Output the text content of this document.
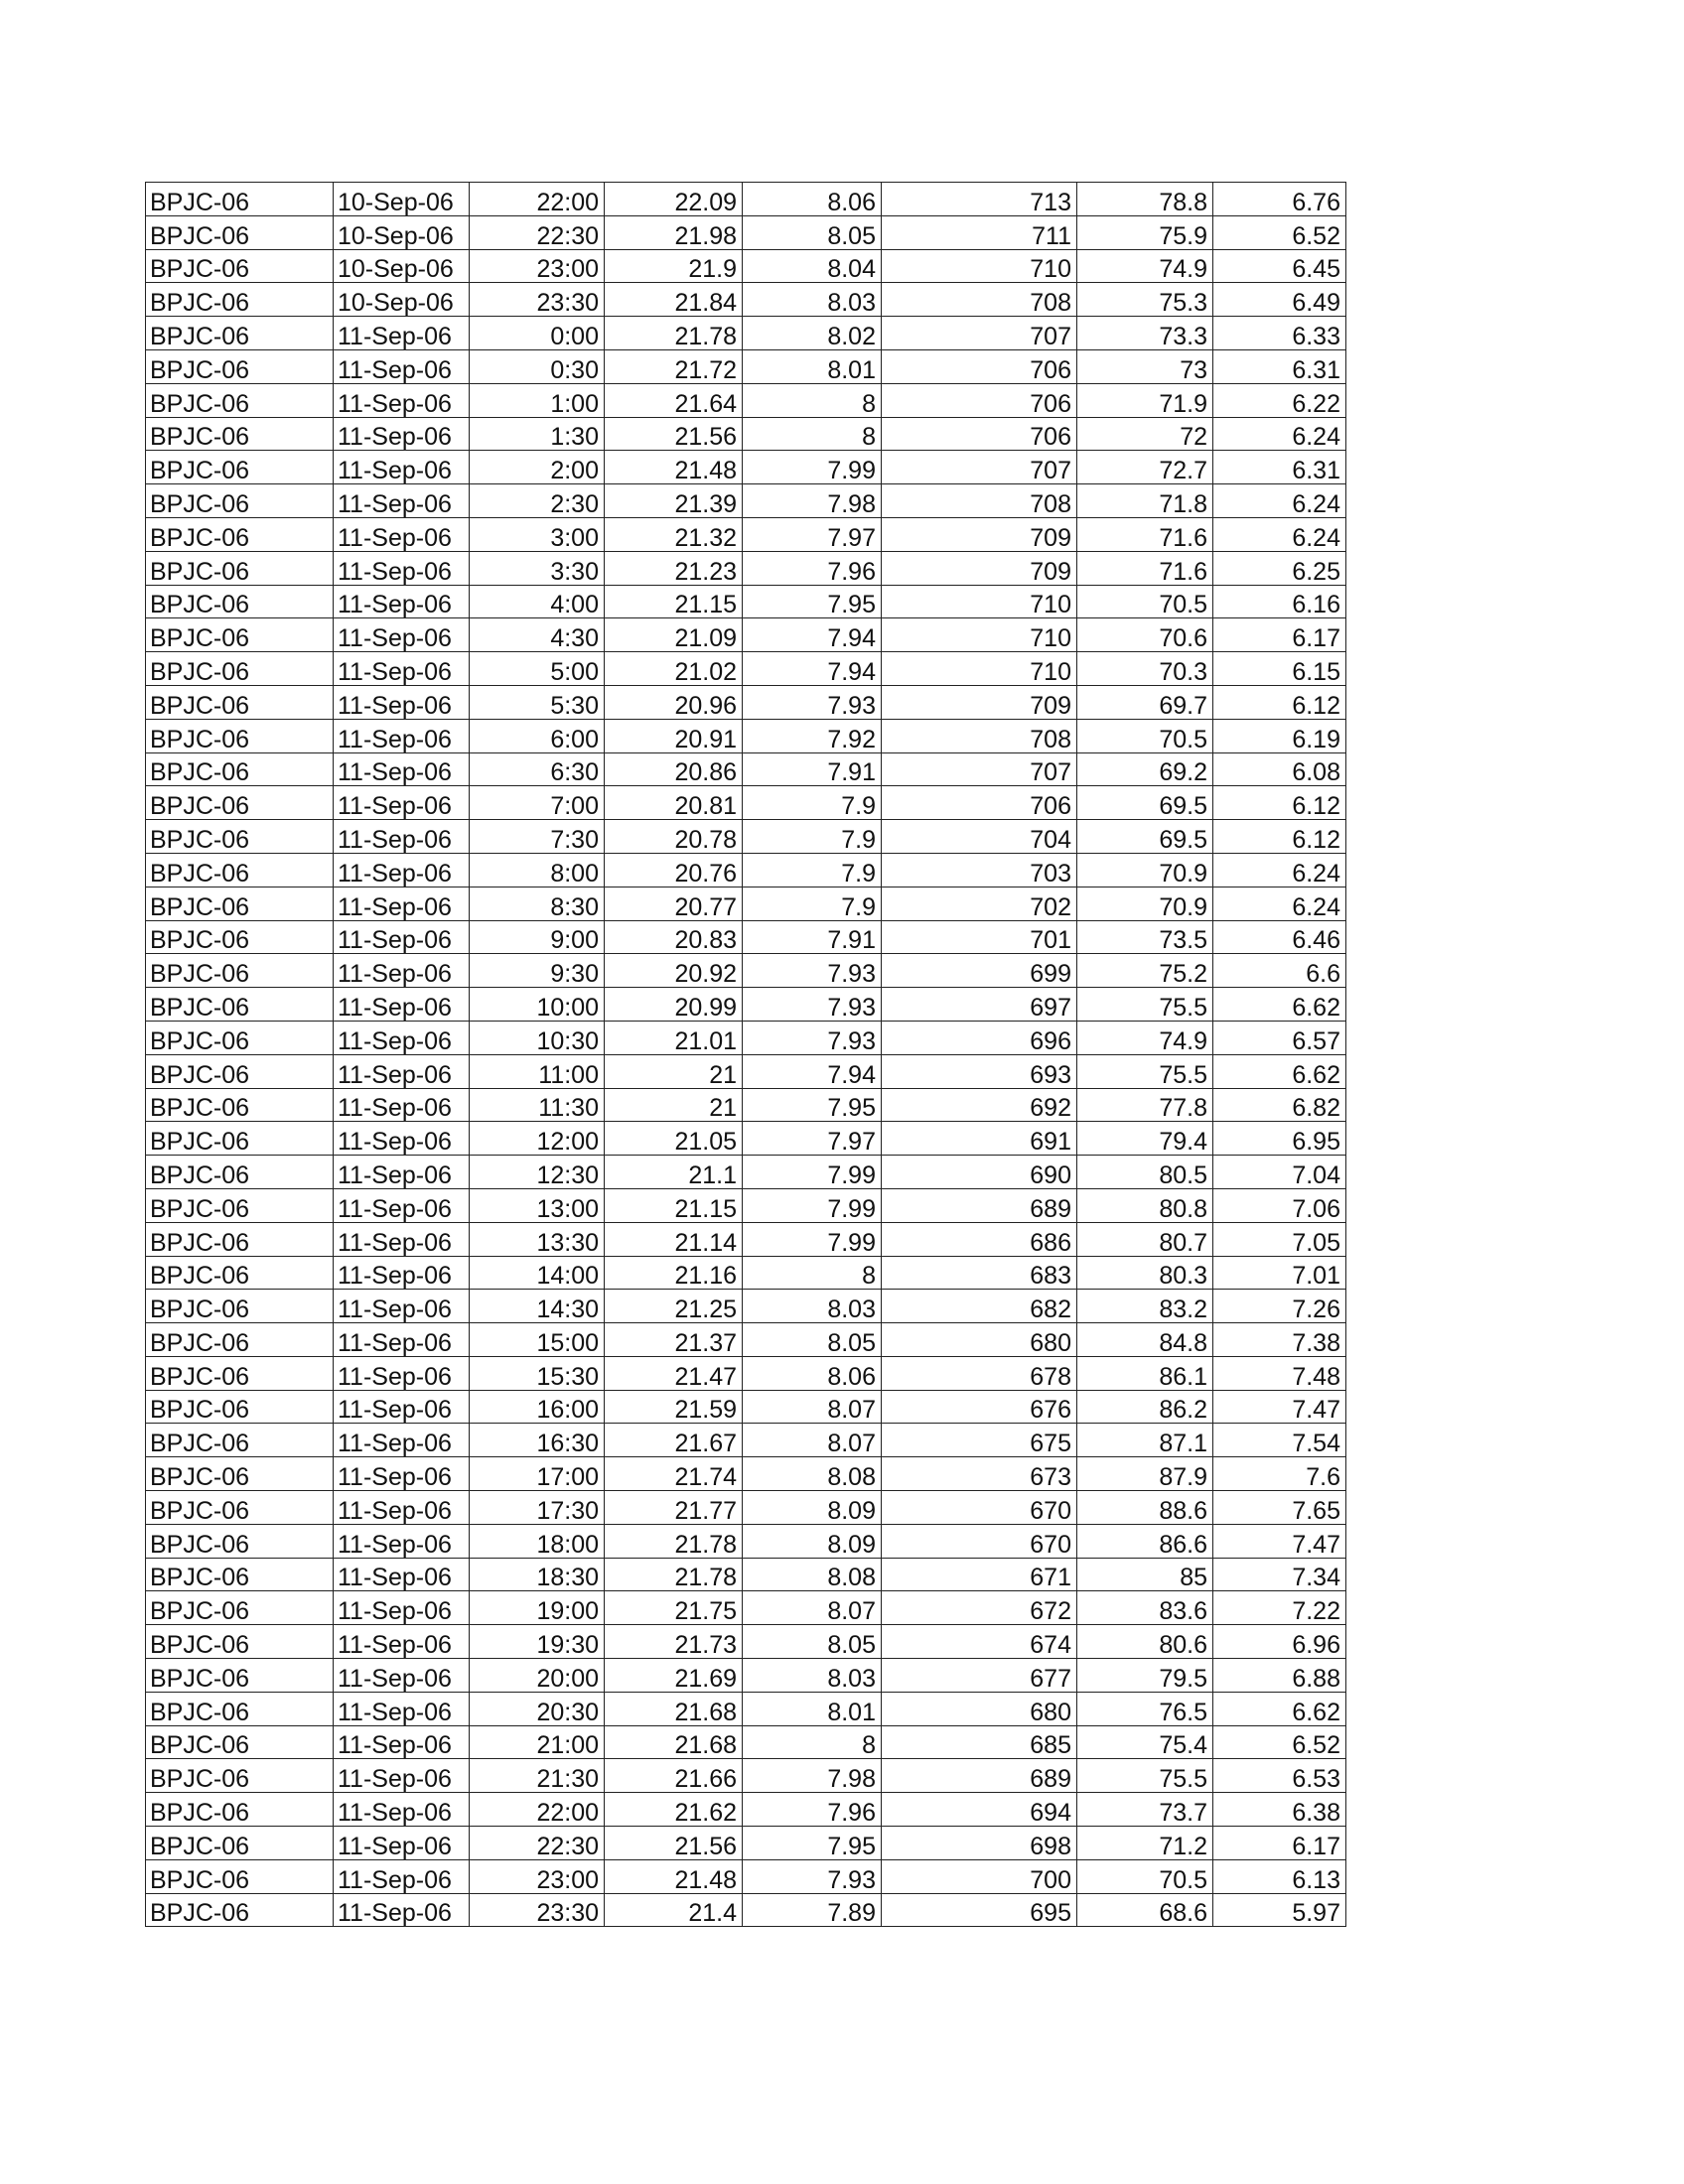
BPJC-06	10-Sep-06	22:00	22.09	8.06	713	78.8	6.76
BPJC-06	10-Sep-06	22:30	21.98	8.05	711	75.9	6.52
BPJC-06	10-Sep-06	23:00	21.9	8.04	710	74.9	6.45
BPJC-06	10-Sep-06	23:30	21.84	8.03	708	75.3	6.49
BPJC-06	11-Sep-06	0:00	21.78	8.02	707	73.3	6.33
BPJC-06	11-Sep-06	0:30	21.72	8.01	706	73	6.31
BPJC-06	11-Sep-06	1:00	21.64	8	706	71.9	6.22
BPJC-06	11-Sep-06	1:30	21.56	8	706	72	6.24
BPJC-06	11-Sep-06	2:00	21.48	7.99	707	72.7	6.31
BPJC-06	11-Sep-06	2:30	21.39	7.98	708	71.8	6.24
BPJC-06	11-Sep-06	3:00	21.32	7.97	709	71.6	6.24
BPJC-06	11-Sep-06	3:30	21.23	7.96	709	71.6	6.25
BPJC-06	11-Sep-06	4:00	21.15	7.95	710	70.5	6.16
BPJC-06	11-Sep-06	4:30	21.09	7.94	710	70.6	6.17
BPJC-06	11-Sep-06	5:00	21.02	7.94	710	70.3	6.15
BPJC-06	11-Sep-06	5:30	20.96	7.93	709	69.7	6.12
BPJC-06	11-Sep-06	6:00	20.91	7.92	708	70.5	6.19
BPJC-06	11-Sep-06	6:30	20.86	7.91	707	69.2	6.08
BPJC-06	11-Sep-06	7:00	20.81	7.9	706	69.5	6.12
BPJC-06	11-Sep-06	7:30	20.78	7.9	704	69.5	6.12
BPJC-06	11-Sep-06	8:00	20.76	7.9	703	70.9	6.24
BPJC-06	11-Sep-06	8:30	20.77	7.9	702	70.9	6.24
BPJC-06	11-Sep-06	9:00	20.83	7.91	701	73.5	6.46
BPJC-06	11-Sep-06	9:30	20.92	7.93	699	75.2	6.6
BPJC-06	11-Sep-06	10:00	20.99	7.93	697	75.5	6.62
BPJC-06	11-Sep-06	10:30	21.01	7.93	696	74.9	6.57
BPJC-06	11-Sep-06	11:00	21	7.94	693	75.5	6.62
BPJC-06	11-Sep-06	11:30	21	7.95	692	77.8	6.82
BPJC-06	11-Sep-06	12:00	21.05	7.97	691	79.4	6.95
BPJC-06	11-Sep-06	12:30	21.1	7.99	690	80.5	7.04
BPJC-06	11-Sep-06	13:00	21.15	7.99	689	80.8	7.06
BPJC-06	11-Sep-06	13:30	21.14	7.99	686	80.7	7.05
BPJC-06	11-Sep-06	14:00	21.16	8	683	80.3	7.01
BPJC-06	11-Sep-06	14:30	21.25	8.03	682	83.2	7.26
BPJC-06	11-Sep-06	15:00	21.37	8.05	680	84.8	7.38
BPJC-06	11-Sep-06	15:30	21.47	8.06	678	86.1	7.48
BPJC-06	11-Sep-06	16:00	21.59	8.07	676	86.2	7.47
BPJC-06	11-Sep-06	16:30	21.67	8.07	675	87.1	7.54
BPJC-06	11-Sep-06	17:00	21.74	8.08	673	87.9	7.6
BPJC-06	11-Sep-06	17:30	21.77	8.09	670	88.6	7.65
BPJC-06	11-Sep-06	18:00	21.78	8.09	670	86.6	7.47
BPJC-06	11-Sep-06	18:30	21.78	8.08	671	85	7.34
BPJC-06	11-Sep-06	19:00	21.75	8.07	672	83.6	7.22
BPJC-06	11-Sep-06	19:30	21.73	8.05	674	80.6	6.96
BPJC-06	11-Sep-06	20:00	21.69	8.03	677	79.5	6.88
BPJC-06	11-Sep-06	20:30	21.68	8.01	680	76.5	6.62
BPJC-06	11-Sep-06	21:00	21.68	8	685	75.4	6.52
BPJC-06	11-Sep-06	21:30	21.66	7.98	689	75.5	6.53
BPJC-06	11-Sep-06	22:00	21.62	7.96	694	73.7	6.38
BPJC-06	11-Sep-06	22:30	21.56	7.95	698	71.2	6.17
BPJC-06	11-Sep-06	23:00	21.48	7.93	700	70.5	6.13
BPJC-06	11-Sep-06	23:30	21.4	7.89	695	68.6	5.97
